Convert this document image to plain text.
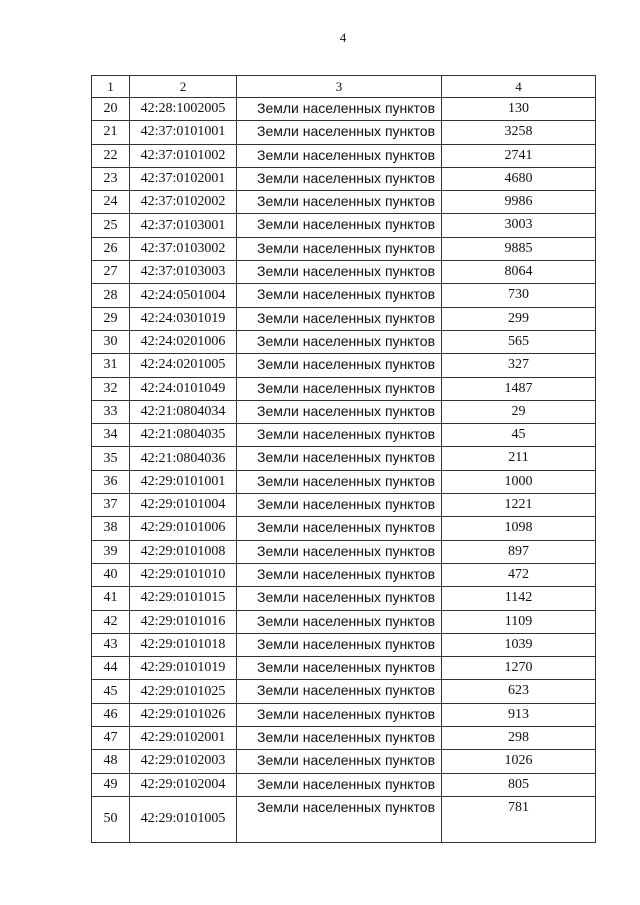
4
1	2	3	4
20	42:28:1002005	Земли населенных пунктов	130
21	42:37:0101001	Земли населенных пунктов	3258
22	42:37:0101002	Земли населенных пунктов	2741
23	42:37:0102001	Земли населенных пунктов	4680
24	42:37:0102002	Земли населенных пунктов	9986
25	42:37:0103001	Земли населенных пунктов	3003
26	42:37:0103002	Земли населенных пунктов	9885
27	42:37:0103003	Земли населенных пунктов	8064
28	42:24:0501004	Земли населенных пунктов	730
29	42:24:0301019	Земли населенных пунктов	299
30	42:24:0201006	Земли населенных пунктов	565
31	42:24:0201005	Земли населенных пунктов	327
32	42:24:0101049	Земли населенных пунктов	1487
33	42:21:0804034	Земли населенных пунктов	29
34	42:21:0804035	Земли населенных пунктов	45
35	42:21:0804036	Земли населенных пунктов	211
36	42:29:0101001	Земли населенных пунктов	1000
37	42:29:0101004	Земли населенных пунктов	1221
38	42:29:0101006	Земли населенных пунктов	1098
39	42:29:0101008	Земли населенных пунктов	897
40	42:29:0101010	Земли населенных пунктов	472
41	42:29:0101015	Земли населенных пунктов	1142
42	42:29:0101016	Земли населенных пунктов	1109
43	42:29:0101018	Земли населенных пунктов	1039
44	42:29:0101019	Земли населенных пунктов	1270
45	42:29:0101025	Земли населенных пунктов	623
46	42:29:0101026	Земли населенных пунктов	913
47	42:29:0102001	Земли населенных пунктов	298
48	42:29:0102003	Земли населенных пунктов	1026
49	42:29:0102004	Земли населенных пунктов	805
50	42:29:0101005	Земли населенных пунктов	781
